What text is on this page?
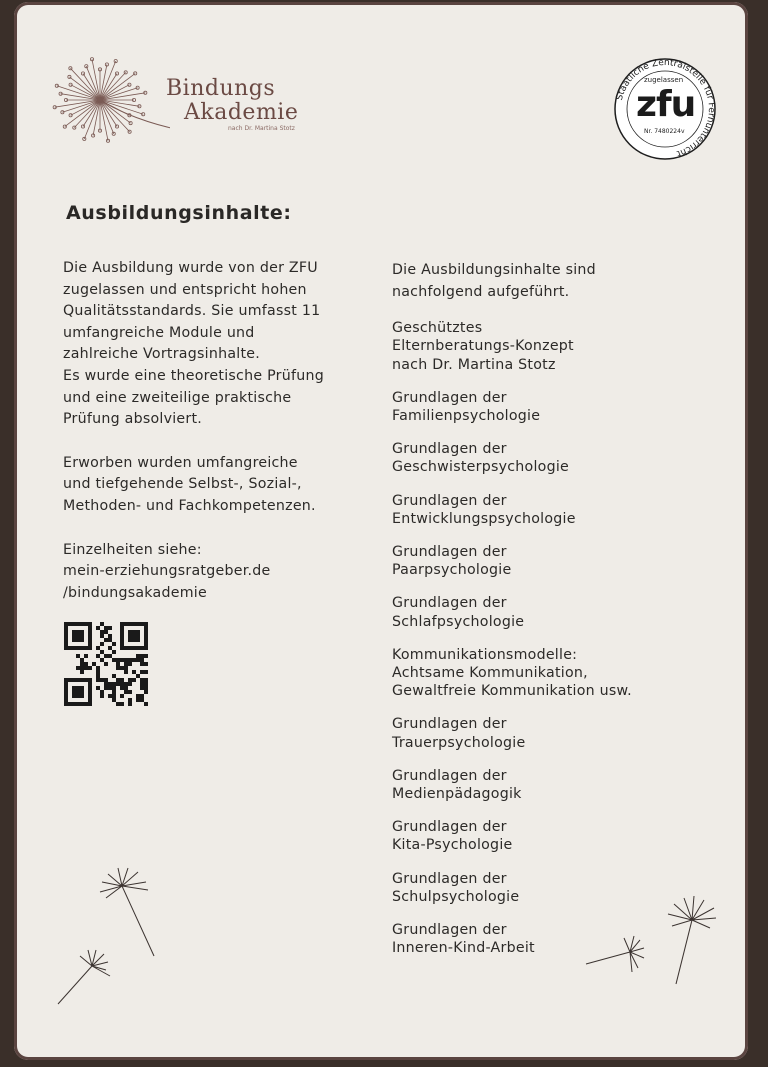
Bindungs
Akademie
nach Dr. Martina Stotz
Staatliche Zentralstelle für Fernunterricht
zugelassen
zfu
Nr. 7480224v
Ausbildungsinhalte:

Die Ausbildung wurde von der ZFU
zugelassen und entspricht hohen
Qualitätsstandards. Sie umfasst 11
umfangreiche Module und
zahlreiche Vortragsinhalte.
Es wurde eine theoretische Prüfung
und eine zweiteilige praktische
Prüfung absolviert.

Erworben wurden umfangreiche
und tiefgehende Selbst-, Sozial-,
Methoden- und Fachkompetenzen.

Einzelheiten siehe:
mein-erziehungsratgeber.de
/bindungsakademie

Die Ausbildungsinhalte sind
nachfolgend aufgeführt.

Geschütztes
Elternberatungs-Konzept
nach Dr. Martina Stotz

Grundlagen der
Familienpsychologie

Grundlagen der
Geschwisterpsychologie

Grundlagen der
Entwicklungspsychologie

Grundlagen der
Paarpsychologie

Grundlagen der
Schlafpsychologie

Kommunikationsmodelle:
Achtsame Kommunikation,
Gewaltfreie Kommunikation usw.

Grundlagen der
Trauerpsychologie

Grundlagen der
Medienpädagogik

Grundlagen der
Kita-Psychologie

Grundlagen der
Schulpsychologie

Grundlagen der
Inneren-Kind-Arbeit
